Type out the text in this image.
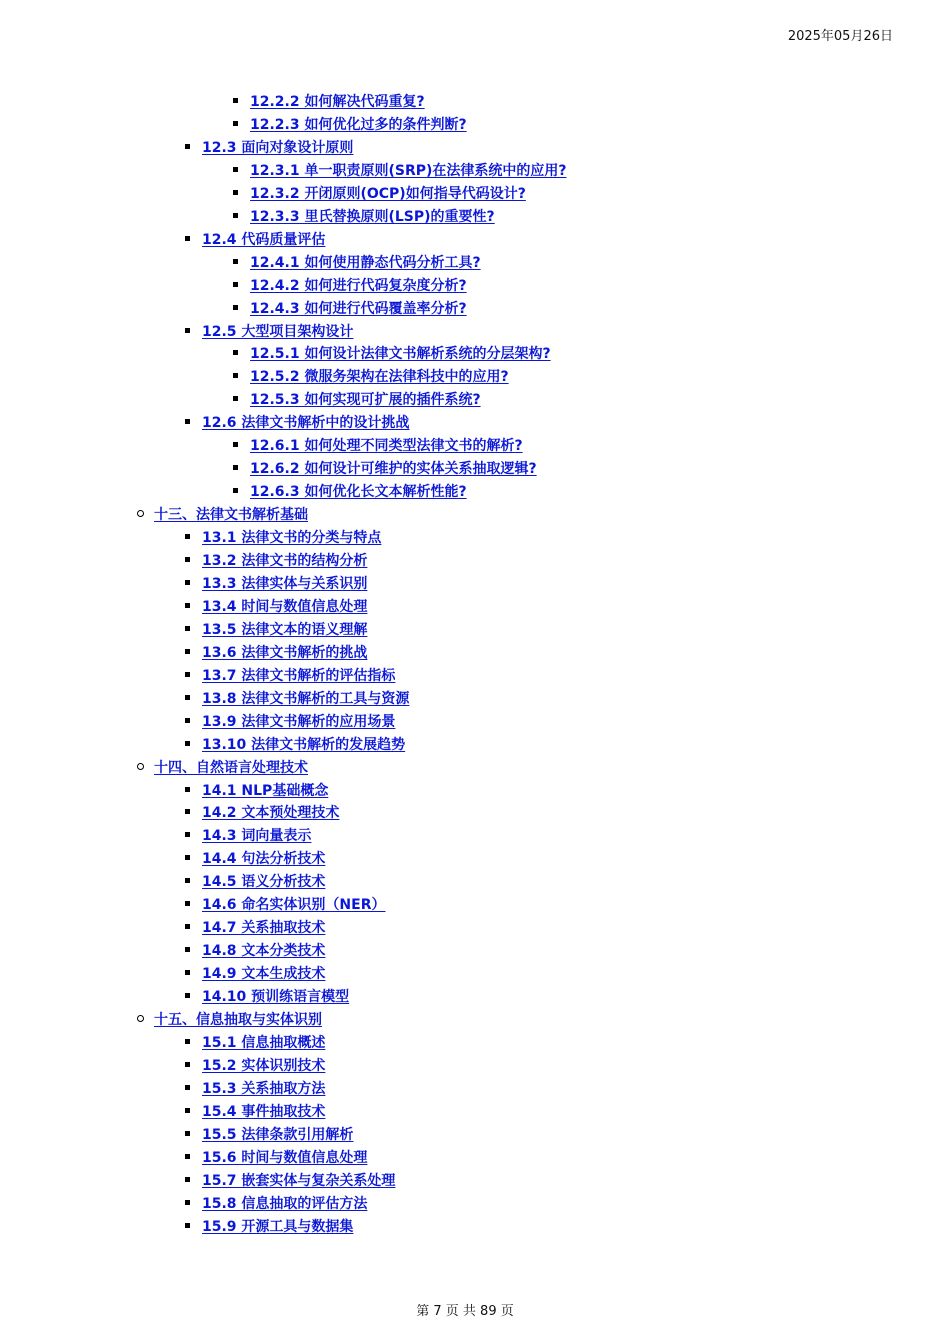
2025年05月26日
12.2.2 如何解决代码重复?
12.2.3 如何优化过多的条件判断?
12.3 面向对象设计原则
12.3.1 单一职责原则(SRP)在法律系统中的应用?
12.3.2 开闭原则(OCP)如何指导代码设计?
12.3.3 里氏替换原则(LSP)的重要性?
12.4 代码质量评估
12.4.1 如何使用静态代码分析工具?
12.4.2 如何进行代码复杂度分析?
12.4.3 如何进行代码覆盖率分析?
12.5 大型项目架构设计
12.5.1 如何设计法律文书解析系统的分层架构?
12.5.2 微服务架构在法律科技中的应用?
12.5.3 如何实现可扩展的插件系统?
12.6 法律文书解析中的设计挑战
12.6.1 如何处理不同类型法律文书的解析?
12.6.2 如何设计可维护的实体关系抽取逻辑?
12.6.3 如何优化长文本解析性能?
十三、法律文书解析基础
13.1 法律文书的分类与特点
13.2 法律文书的结构分析
13.3 法律实体与关系识别
13.4 时间与数值信息处理
13.5 法律文本的语义理解
13.6 法律文书解析的挑战
13.7 法律文书解析的评估指标
13.8 法律文书解析的工具与资源
13.9 法律文书解析的应用场景
13.10 法律文书解析的发展趋势
十四、自然语言处理技术
14.1 NLP基础概念
14.2 文本预处理技术
14.3 词向量表示
14.4 句法分析技术
14.5 语义分析技术
14.6 命名实体识别（NER）
14.7 关系抽取技术
14.8 文本分类技术
14.9 文本生成技术
14.10 预训练语言模型
十五、信息抽取与实体识别
15.1 信息抽取概述
15.2 实体识别技术
15.3 关系抽取方法
15.4 事件抽取技术
15.5 法律条款引用解析
15.6 时间与数值信息处理
15.7 嵌套实体与复杂关系处理
15.8 信息抽取的评估方法
15.9 开源工具与数据集
第 7 页 共 89 页
